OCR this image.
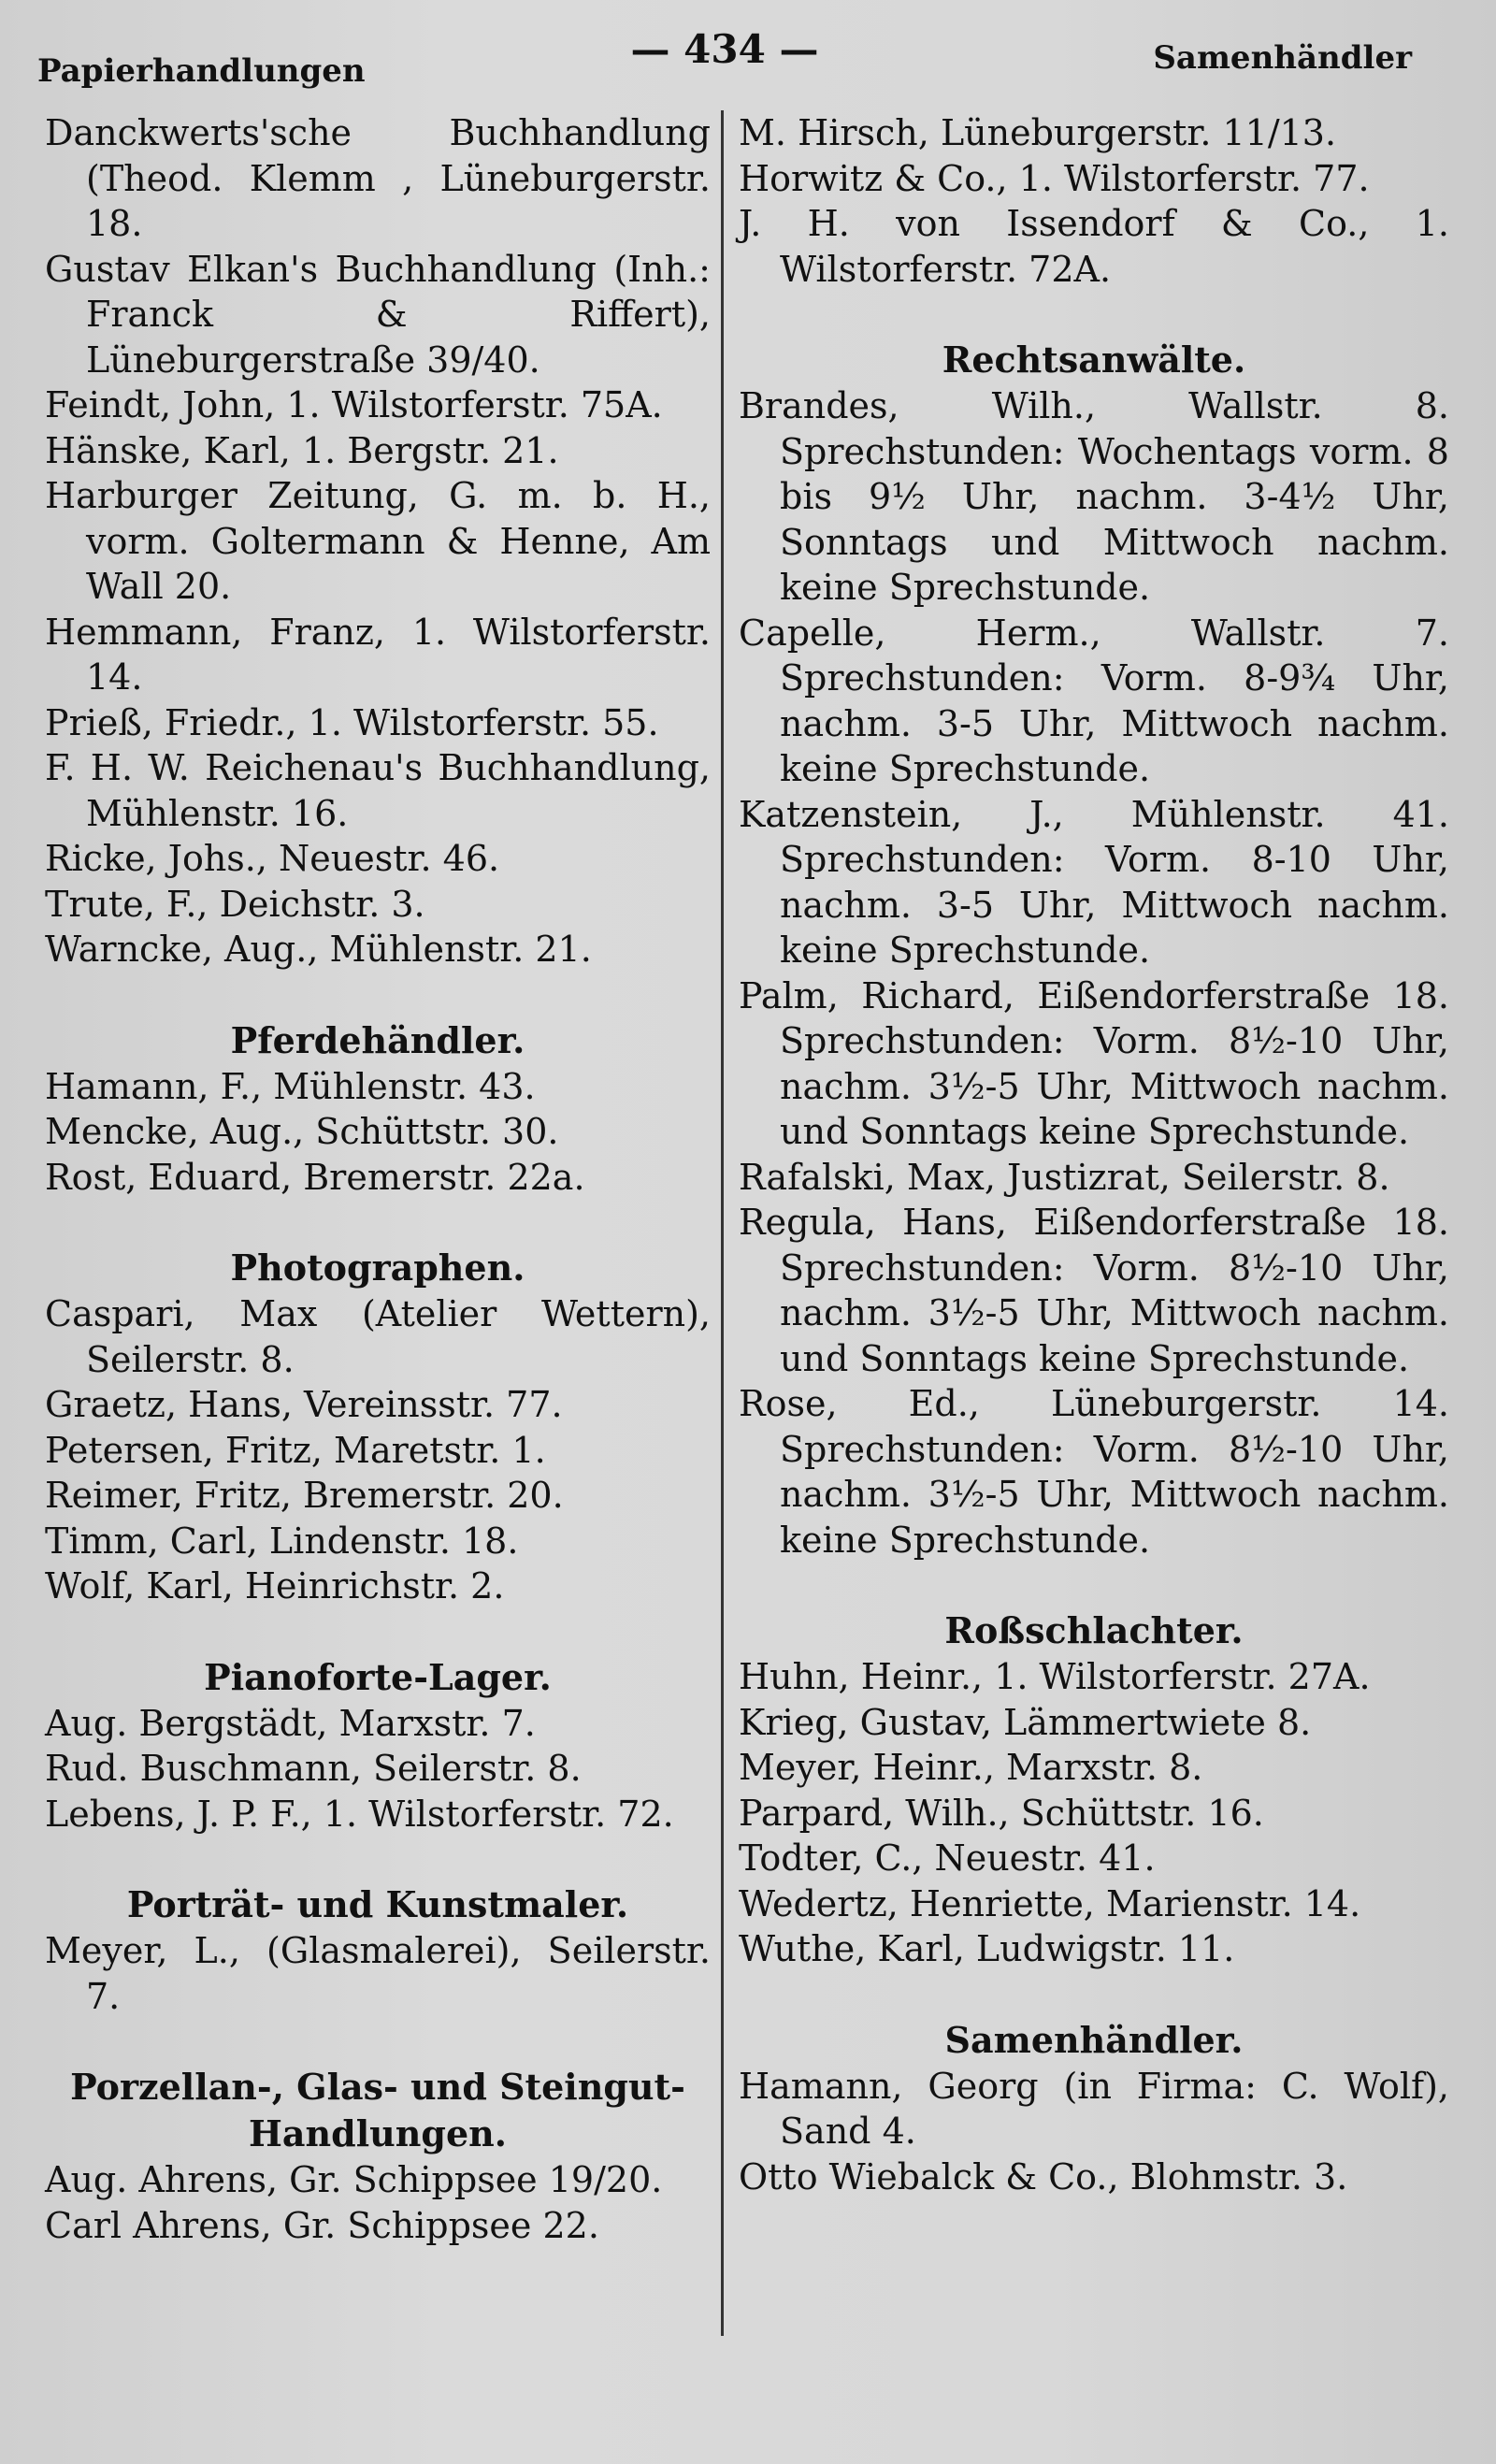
Papierhandlungen	— 434 —	Samenhändler
Danckwerts'sche Buchhandlung (Theod. Klemm , Lüneburgerstr. 18.
Gustav Elkan's Buchhandlung (Inh.: Franck & Riffert), Lüneburgerstraße 39/40.
Feindt, John, 1. Wilstorferstr. 75A.
Hänske, Karl, 1. Bergstr. 21.
Harburger Zeitung, G. m. b. H., vorm. Goltermann & Henne, Am Wall 20.
Hemmann, Franz, 1. Wilstorferstr. 14.
Prieß, Friedr., 1. Wilstorferstr. 55.
F. H. W. Reichenau's Buchhandlung, Mühlenstr. 16.
Ricke, Johs., Neuestr. 46.
Trute, F., Deichstr. 3.
Warncke, Aug., Mühlenstr. 21.
Pferdehändler.
Hamann, F., Mühlenstr. 43.
Mencke, Aug., Schüttstr. 30.
Rost, Eduard, Bremerstr. 22a.
Photographen.
Caspari, Max (Atelier Wettern), Seilerstr. 8.
Graetz, Hans, Vereinsstr. 77.
Petersen, Fritz, Maretstr. 1.
Reimer, Fritz, Bremerstr. 20.
Timm, Carl, Lindenstr. 18.
Wolf, Karl, Heinrichstr. 2.
Pianoforte-Lager.
Aug. Bergstädt, Marxstr. 7.
Rud. Buschmann, Seilerstr. 8.
Lebens, J. P. F., 1. Wilstorferstr. 72.
Porträt- und Kunstmaler.
Meyer, L., (Glasmalerei), Seilerstr. 7.
Porzellan-, Glas- und Steingut-Handlungen.
Aug. Ahrens, Gr. Schippsee 19/20.
Carl Ahrens, Gr. Schippsee 22.
M. Hirsch, Lüneburgerstr. 11/13.
Horwitz & Co., 1. Wilstorferstr. 77.
J. H. von Issendorf & Co., 1. Wilstorferstr. 72A.
Rechtsanwälte.
Brandes, Wilh., Wallstr. 8. Sprechstunden: Wochentags vorm. 8 bis 9½ Uhr, nachm. 3-4½ Uhr, Sonntags und Mittwoch nachm. keine Sprechstunde.
Capelle, Herm., Wallstr. 7. Sprechstunden: Vorm. 8-9¾ Uhr, nachm. 3-5 Uhr, Mittwoch nachm. keine Sprechstunde.
Katzenstein, J., Mühlenstr. 41. Sprechstunden: Vorm. 8-10 Uhr, nachm. 3-5 Uhr, Mittwoch nachm. keine Sprechstunde.
Palm, Richard, Eißendorferstraße 18. Sprechstunden: Vorm. 8½-10 Uhr, nachm. 3½-5 Uhr, Mittwoch nachm. und Sonntags keine Sprechstunde.
Rafalski, Max, Justizrat, Seilerstr. 8.
Regula, Hans, Eißendorferstraße 18. Sprechstunden: Vorm. 8½-10 Uhr, nachm. 3½-5 Uhr, Mittwoch nachm. und Sonntags keine Sprechstunde.
Rose, Ed., Lüneburgerstr. 14. Sprechstunden: Vorm. 8½-10 Uhr, nachm. 3½-5 Uhr, Mittwoch nachm. keine Sprechstunde.
Roßschlachter.
Huhn, Heinr., 1. Wilstorferstr. 27A.
Krieg, Gustav, Lämmertwiete 8.
Meyer, Heinr., Marxstr. 8.
Parpard, Wilh., Schüttstr. 16.
Todter, C., Neuestr. 41.
Wedertz, Henriette, Marienstr. 14.
Wuthe, Karl, Ludwigstr. 11.
Samenhändler.
Hamann, Georg (in Firma: C. Wolf), Sand 4.
Otto Wiebalck & Co., Blohmstr. 3.
